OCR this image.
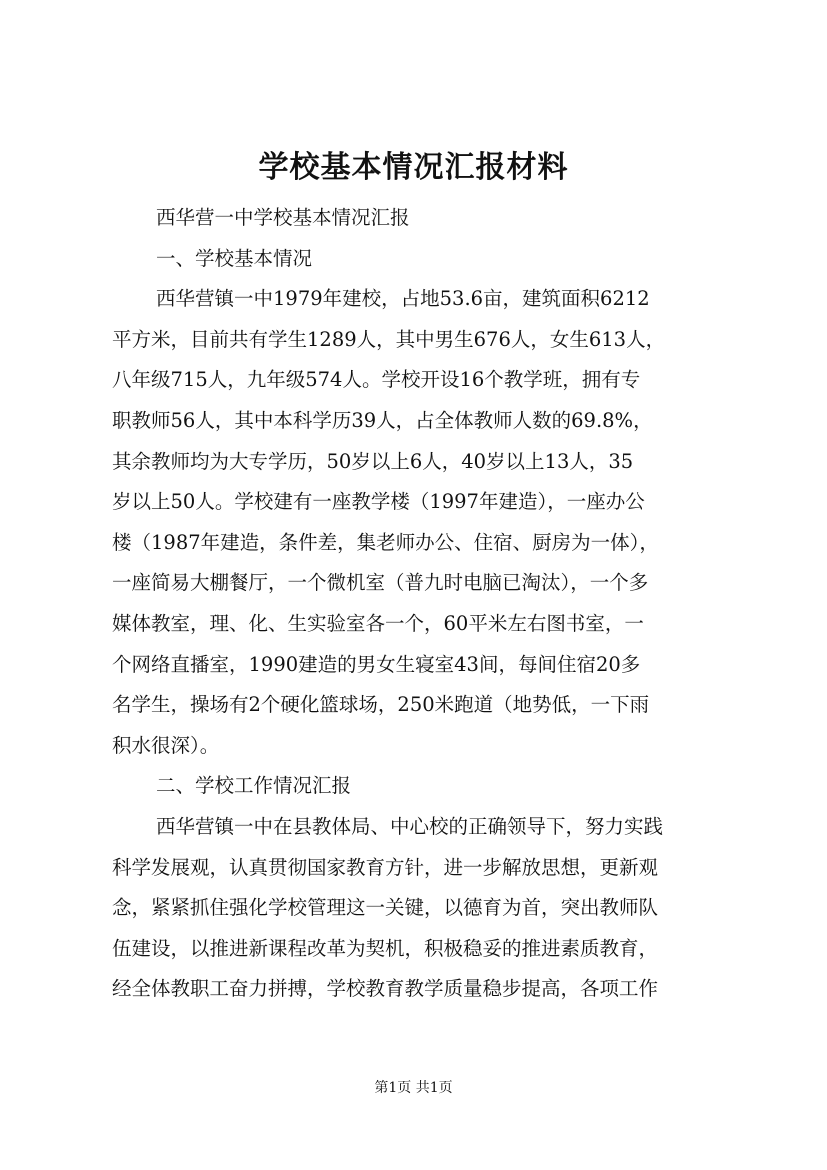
学校基本情况汇报材料
西华营一中学校基本情况汇报
一、学校基本情况
西华营镇一中1979年建校，占地53.6亩，建筑面积6212
平方米，目前共有学生1289人，其中男生676人，女生613人，
八年级715人，九年级574人。学校开设16个教学班，拥有专
职教师56人，其中本科学历39人，占全体教师人数的69.8%，
其余教师均为大专学历，50岁以上6人，40岁以上13人，35
岁以上50人。学校建有一座教学楼（1997年建造），一座办公
楼（1987年建造，条件差，集老师办公、住宿、厨房为一体），
一座简易大棚餐厅，一个微机室（普九时电脑已淘汰），一个多
媒体教室，理、化、生实验室各一个，60平米左右图书室，一
个网络直播室，1990建造的男女生寝室43间，每间住宿20多
名学生，操场有2个硬化篮球场，250米跑道（地势低，一下雨
积水很深）。
二、学校工作情况汇报
西华营镇一中在县教体局、中心校的正确领导下，努力实践
科学发展观，认真贯彻国家教育方针，进一步解放思想，更新观
念，紧紧抓住强化学校管理这一关键，以德育为首，突出教师队
伍建设，以推进新课程改革为契机，积极稳妥的推进素质教育，
经全体教职工奋力拼搏，学校教育教学质量稳步提高，各项工作
第1页 共1页
